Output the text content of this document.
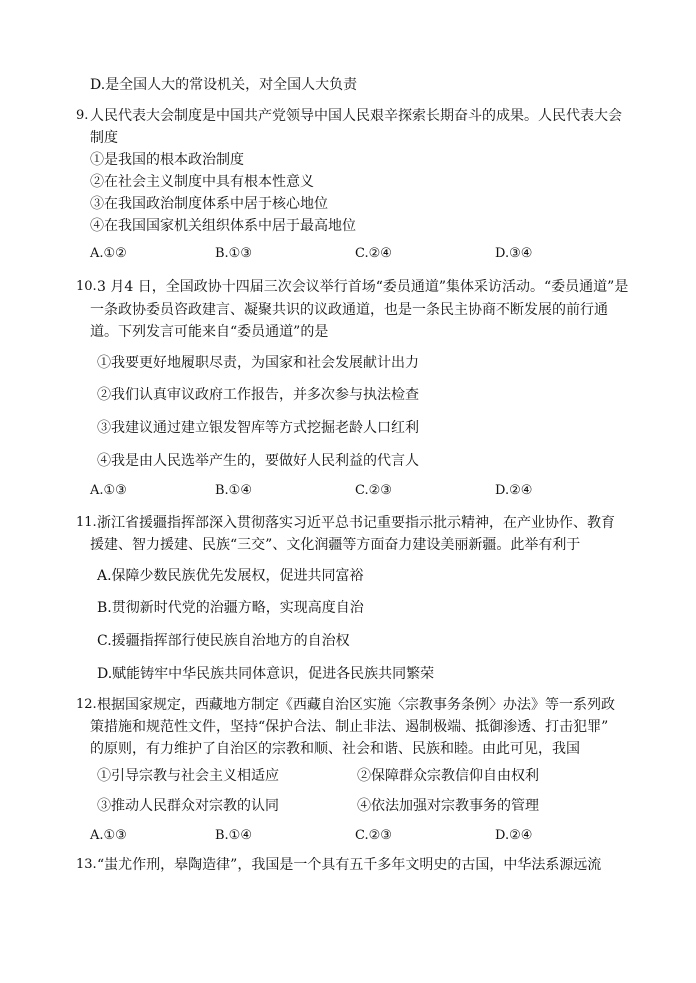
D.是全国人大的常设机关，对全国人大负责
9. 人民代表大会制度是中国共产党领导中国人民艰辛探索长期奋斗的成果。人民代表大会
制度
①是我国的根本政治制度
②在社会主义制度中具有根本性意义
③在我国政治制度体系中居于核心地位
④在我国国家机关组织体系中居于最高地位
A.①②	B.①③	C.②④	D.③④
10. 3 月4 日，全国政协十四届三次会议举行首场“委员通道”集体采访活动。“委员通道”是
一条政协委员咨政建言、凝聚共识的议政通道，也是一条民主协商不断发展的前行通
道。下列发言可能来自“委员通道”的是
①我要更好地履职尽责，为国家和社会发展献计出力
②我们认真审议政府工作报告，并多次参与执法检查
③我建议通过建立银发智库等方式挖掘老龄人口红利
④我是由人民选举产生的，要做好人民利益的代言人
A.①③	B.①④	C.②③	D.②④
11. 浙江省援疆指挥部深入贯彻落实习近平总书记重要指示批示精神，在产业协作、教育
援建、智力援建、民族“三交”、文化润疆等方面奋力建设美丽新疆。此举有利于
A.保障少数民族优先发展权，促进共同富裕
B.贯彻新时代党的治疆方略，实现高度自治
C.援疆指挥部行使民族自治地方的自治权
D.赋能铸牢中华民族共同体意识，促进各民族共同繁荣
12. 根据国家规定，西藏地方制定《西藏自治区实施〈宗教事务条例〉办法》等一系列政
策措施和规范性文件，坚持“保护合法、制止非法、遏制极端、抵御渗透、打击犯罪”
的原则，有力维护了自治区的宗教和顺、社会和谐、民族和睦。由此可见，我国
①引导宗教与社会主义相适应	②保障群众宗教信仰自由权利
③推动人民群众对宗教的认同	④依法加强对宗教事务的管理
A.①③	B.①④	C.②③	D.②④
13. “蚩尤作刑，皋陶造律”，我国是一个具有五千多年文明史的古国，中华法系源远流
